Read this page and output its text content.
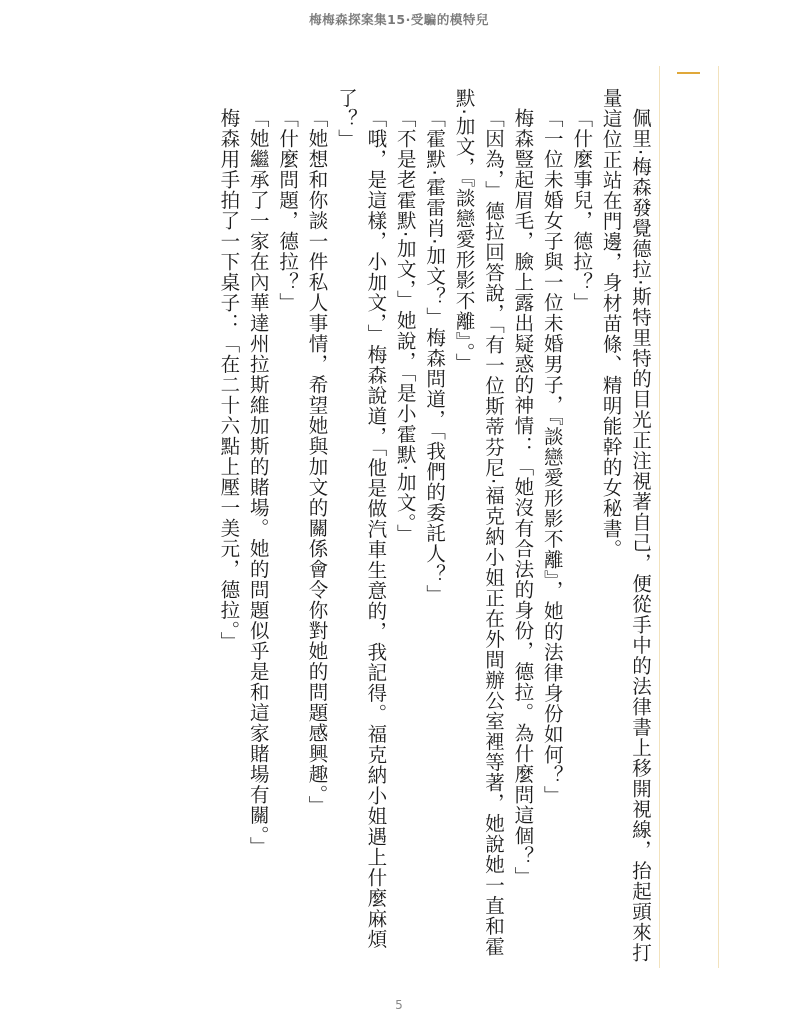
梅梅森探案集15·受騙的模特兒

佩里·梅森發覺德拉·斯特里特的目光正注視著自己，便從手中的法律書上移開視線，抬起頭來打量這位正站在門邊，身材苗條、精明能幹的女秘書。

「什麼事兒，德拉？」

「一位未婚女子與一位未婚男子，『談戀愛形影不離』，她的法律身份如何？」

梅森豎起眉毛，臉上露出疑惑的神情：「她沒有合法的身份，德拉。為什麼問這個？」

「因為，」德拉回答說，「有一位斯蒂芬尼·福克納小姐正在外間辦公室裡等著，她說她一直和霍默·加文，『談戀愛形影不離』。」

「霍默·霍雷肖·加文？」梅森問道，「我們的委託人？」

「不是老霍默·加文，」她說，「是小霍默·加文。」

「哦，是這樣，小加文，」梅森說道，「他是做汽車生意的，我記得。福克納小姐遇上什麼麻煩了？」

「她想和你談一件私人事情，希望她與加文的關係會令你對她的問題感興趣。」

「什麼問題，德拉？」

「她繼承了一家在內華達州拉斯維加斯的賭場。她的問題似乎是和這家賭場有關。」

梅森用手拍了一下桌子：「在二十六點上壓一美元，德拉。」

5
